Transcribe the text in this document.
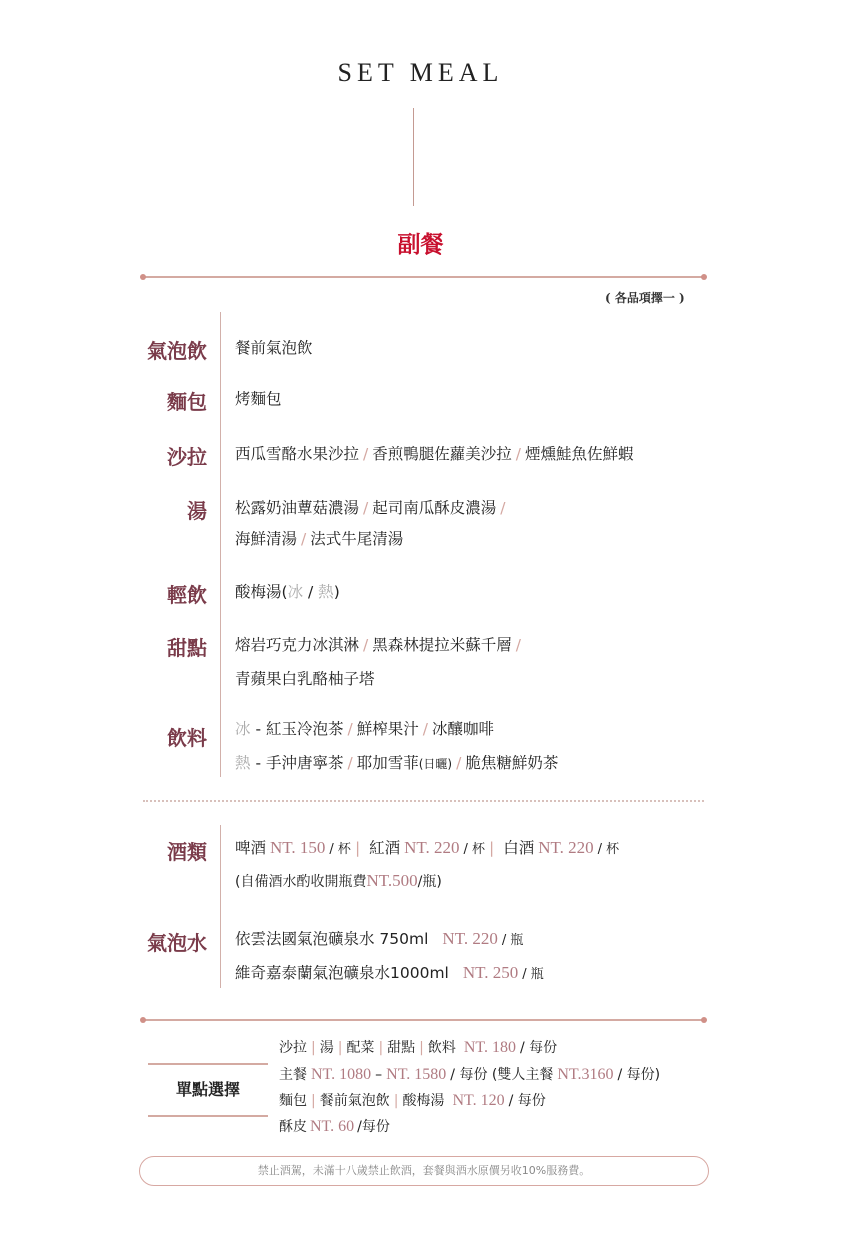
SET MEAL
副餐
( 各品項擇一 )
氣泡飲 餐前氣泡飲
麵包 烤麵包
沙拉 西瓜雪酪水果沙拉 / 香煎鴨腿佐蘿美沙拉 / 煙燻鮭魚佐鮮蝦
湯 松露奶油蕈菇濃湯 / 起司南瓜酥皮濃湯 /
海鮮清湯 / 法式牛尾清湯
輕飲 酸梅湯(冰 / 熱)
甜點 熔岩巧克力冰淇淋 / 黑森林提拉米蘇千層 /
青蘋果白乳酪柚子塔
飲料 冰 - 紅玉冷泡茶 / 鮮榨果汁 / 冰釀咖啡
熱 - 手沖唐寧茶 / 耶加雪菲(日曬) / 脆焦糖鮮奶茶
酒類 啤酒 NT. 150 / 杯 | 紅酒 NT. 220 / 杯 | 白酒 NT. 220 / 杯
(自備酒水酌收開瓶費NT.500/瓶)
氣泡水 依雲法國氣泡礦泉水 750ml NT. 220 / 瓶
維奇嘉泰蘭氣泡礦泉水1000ml NT. 250 / 瓶
單點選擇
沙拉 | 湯 | 配菜 | 甜點 | 飲料 NT. 180 / 每份
主餐 NT. 1080 – NT. 1580 / 每份 (雙人主餐 NT.3160 / 每份)
麵包 | 餐前氣泡飲 | 酸梅湯 NT. 120 / 每份
酥皮 NT. 60 /每份
禁止酒駕，未滿十八歲禁止飲酒，套餐與酒水原價另收10%服務費。
